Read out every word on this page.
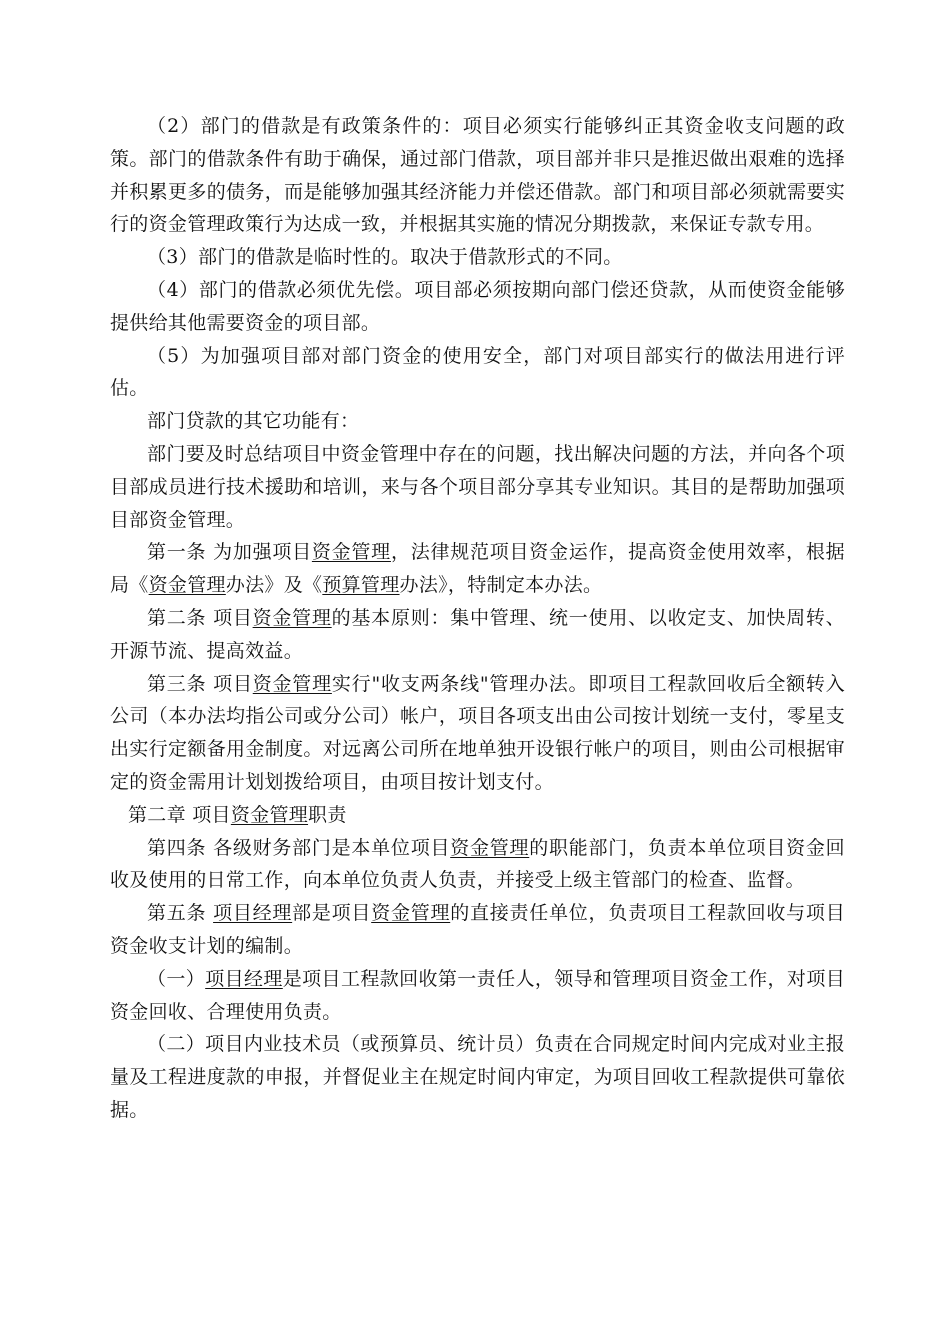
（2）部门的借款是有政策条件的：项目必须实行能够纠正其资金收支问题的政策。部门的借款条件有助于确保，通过部门借款，项目部并非只是推迟做出艰难的选择并积累更多的债务，而是能够加强其经济能力并偿还借款。部门和项目部必须就需要实行的资金管理政策行为达成一致，并根据其实施的情况分期拨款，来保证专款专用。

（3）部门的借款是临时性的。取决于借款形式的不同。

（4）部门的借款必须优先偿。项目部必须按期向部门偿还贷款，从而使资金能够提供给其他需要资金的项目部。

（5）为加强项目部对部门资金的使用安全，部门对项目部实行的做法用进行评估。

部门贷款的其它功能有：

部门要及时总结项目中资金管理中存在的问题，找出解决问题的方法，并向各个项目部成员进行技术援助和培训，来与各个项目部分享其专业知识。其目的是帮助加强项目部资金管理。

第一条 为加强项目资金管理，法律规范项目资金运作，提高资金使用效率，根据局《资金管理办法》及《预算管理办法》，特制定本办法。

第二条 项目资金管理的基本原则：集中管理、统一使用、以收定支、加快周转、开源节流、提高效益。

第三条 项目资金管理实行"收支两条线"管理办法。即项目工程款回收后全额转入公司（本办法均指公司或分公司）帐户，项目各项支出由公司按计划统一支付，零星支出实行定额备用金制度。对远离公司所在地单独开设银行帐户的项目，则由公司根据审定的资金需用计划划拨给项目，由项目按计划支付。

第二章 项目资金管理职责

第四条 各级财务部门是本单位项目资金管理的职能部门，负责本单位项目资金回收及使用的日常工作，向本单位负责人负责，并接受上级主管部门的检查、监督。

第五条 项目经理部是项目资金管理的直接责任单位，负责项目工程款回收与项目资金收支计划的编制。

（一）项目经理是项目工程款回收第一责任人，领导和管理项目资金工作，对项目资金回收、合理使用负责。

（二）项目内业技术员（或预算员、统计员）负责在合同规定时间内完成对业主报量及工程进度款的申报，并督促业主在规定时间内审定，为项目回收工程款提供可靠依据。
